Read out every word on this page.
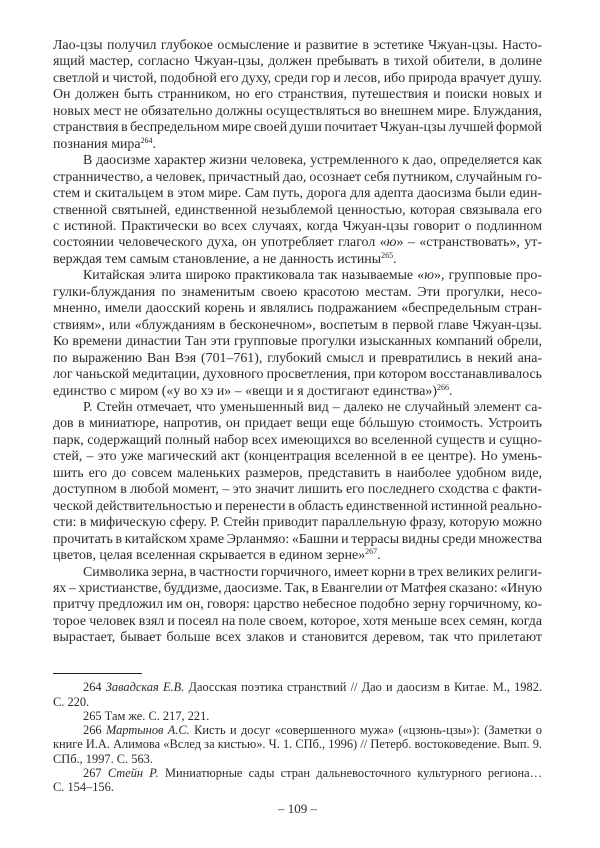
Лао-цзы получил глубокое осмысление и развитие в эстетике Чжуан-цзы. Насто-
ящий мастер, согласно Чжуан-цзы, должен пребывать в тихой обители, в долине
светлой и чистой, подобной его духу, среди гор и лесов, ибо природа врачует душу.
Он должен быть странником, но его странствия, путешествия и поиски новых и
новых мест не обязательно должны осуществляться во внешнем мире. Блуждания,
странствия в беспредельном мире своей души почитает Чжуан-цзы лучшей формой
познания мира$^{264}$.
В даосизме характер жизни человека, устремленного к дао, определяется как
странничество, а человек, причастный дао, осознает себя путником, случайным го-
стем и скитальцем в этом мире. Сам путь, дорога для адепта даосизма были един-
ственной святыней, единственной незыблемой ценностью, которая связывала его
с истиной. Практически во всех случаях, когда Чжуан-цзы говорит о подлинном
состоянии человеческого духа, он употребляет глагол «ю» – «странствовать», ут-
верждая тем самым становление, а не данность истины$^{265}$.
Китайская элита широко практиковала так называемые «ю», групповые про-
гулки-блуждания по знаменитым своею красотою местам. Эти прогулки, несо-
мненно, имели даосский корень и являлись подражанием «беспредельным стран-
ствиям», или «блужданиям в бесконечном», воспетым в первой главе Чжуан-цзы.
Ко времени династии Тан эти групповые прогулки изысканных компаний обрели,
по выражению Ван Вэя (701–761), глубокий смысл и превратились в некий ана-
лог чаньской медитации, духовного просветления, при котором восстанавливалось
единство с миром («у во хэ и» – «вещи и я достигают единства»)$^{266}$.
Р. Стейн отмечает, что уменьшенный вид – далеко не случайный элемент са-
дов в миниатюре, напротив, он придает вещи еще бóльшую стоимость. Устроить
парк, содержащий полный набор всех имеющихся во вселенной существ и сущно-
стей, – это уже магический акт (концентрация вселенной в ее центре). Но умень-
шить его до совсем маленьких размеров, представить в наиболее удобном виде,
доступном в любой момент, – это значит лишить его последнего сходства с факти-
ческой действительностью и перенести в область единственной истинной реально-
сти: в мифическую сферу. Р. Стейн приводит параллельную фразу, которую можно
прочитать в китайском храме Эрланмяо: «Башни и террасы видны среди множества
цветов, целая вселенная скрывается в едином зерне»$^{267}$.
Символика зерна, в частности горчичного, имеет корни в трех великих религи-
ях – христианстве, буддизме, даосизме. Так, в Евангелии от Матфея сказано: «Иную
притчу предложил им он, говоря: царство небесное подобно зерну горчичному, ко-
торое человек взял и посеял на поле своем, которое, хотя меньше всех семян, когда
вырастает, бывает больше всех злаков и становится деревом, так что прилетают
264 Завадская Е.В. Даосская поэтика странствий // Дао и даосизм в Китае. М., 1982.
С. 220.
265 Там же. С. 217, 221.
266 Мартынов А.С. Кисть и досуг «совершенного мужа» («цзюнь-цзы»): (Заметки о
книге И.А. Алимова «Вслед за кистью». Ч. 1. СПб., 1996) // Петерб. востоковедение. Вып. 9.
СПб., 1997. С. 563.
267 Стейн Р. Миниатюрные сады стран дальневосточного культурного региона…
С. 154–156.
– 109 –
